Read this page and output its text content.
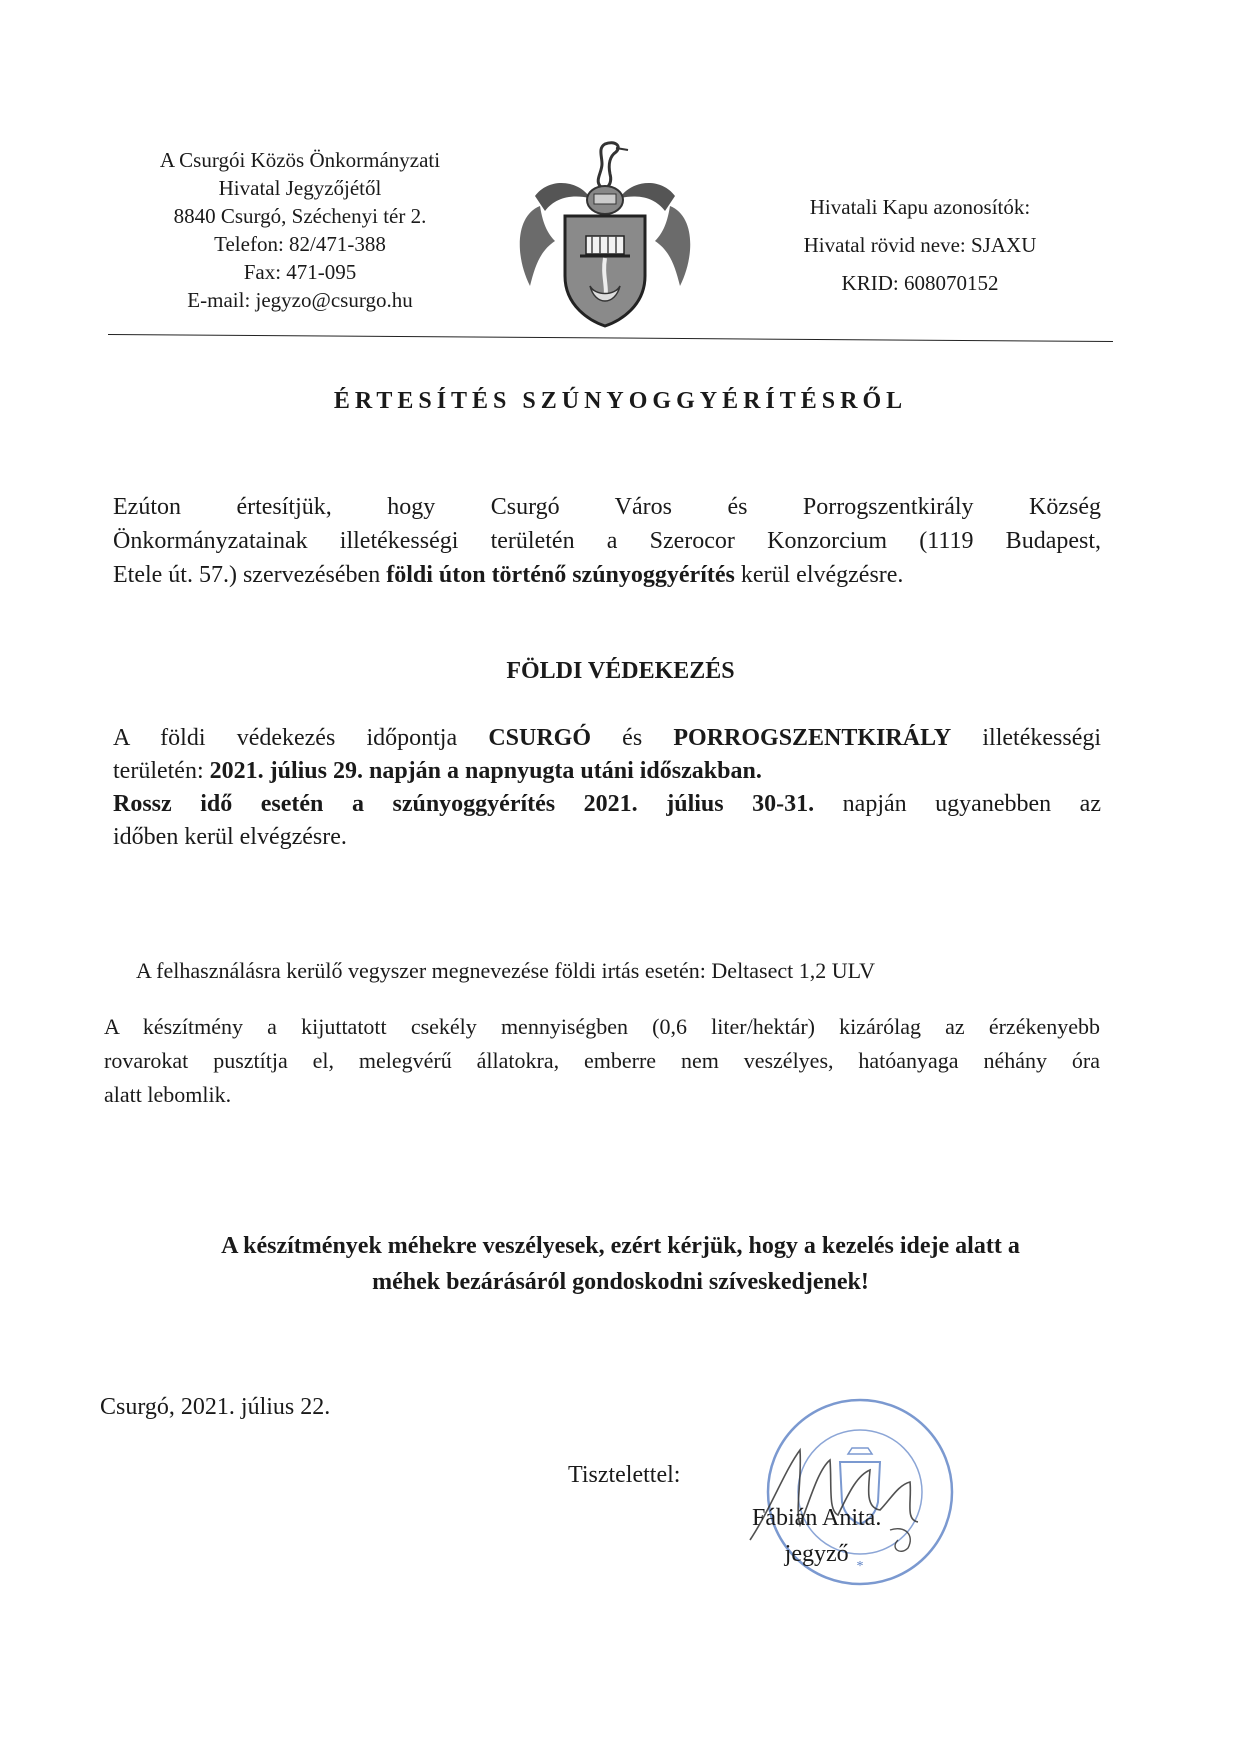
A Csurgói Közös Önkormányzati
Hivatal Jegyzőjétől
8840 Csurgó, Széchenyi tér 2.
Telefon: 82/471-388
Fax: 471-095
E-mail: jegyzo@csurgo.hu
Hivatali Kapu azonosítók:
Hivatal rövid neve: SJAXU
KRID: 608070152
ÉRTESÍTÉS SZÚNYOGGYÉRÍTÉSRŐL
Ezúton értesítjük, hogy Csurgó Város és Porrogszentkirály Község
Önkormányzatainak illetékességi területén a Szerocor Konzorcium (1119 Budapest,
Etele út. 57.) szervezésében földi úton történő szúnyoggyérítés kerül elvégzésre.
FÖLDI VÉDEKEZÉS
A földi védekezés időpontja CSURGÓ és PORROGSZENTKIRÁLY illetékességi
területén: 2021. július 29. napján a napnyugta utáni időszakban.
Rossz idő esetén a szúnyoggyérítés 2021. július 30-31. napján ugyanebben az
időben kerül elvégzésre.
A felhasználásra kerülő vegyszer megnevezése földi irtás esetén: Deltasect 1,2 ULV
A készítmény a kijuttatott csekély mennyiségben (0,6 liter/hektár) kizárólag az érzékenyebb
rovarokat pusztítja el, melegvérű állatokra, emberre nem veszélyes, hatóanyaga néhány óra
alatt lebomlik.
A készítmények méhekre veszélyesek, ezért kérjük, hogy a kezelés ideje alatt a
méhek bezárásáról gondoskodni szíveskedjenek!
Csurgó, 2021. július 22.
*
Tisztelettel:
Fábián Anita.
jegyző
